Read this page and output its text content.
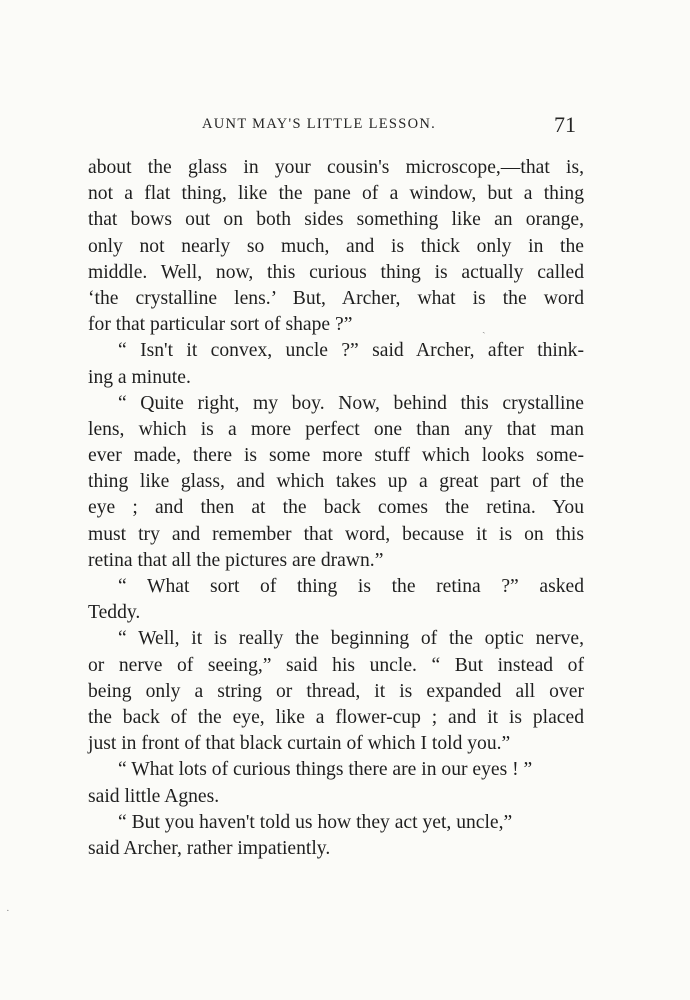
AUNT MAY'S LITTLE LESSON.	71
about the glass in your cousin's microscope,—that is,
not a flat thing, like the pane of a window, but a thing
that bows out on both sides something like an orange,
only not nearly so much, and is thick only in the
middle. Well, now, this curious thing is actually called
‘the crystalline lens.’ But, Archer, what is the word
for that particular sort of shape ?”
“ Isn't it convex, uncle ?” said Archer, after think-
ing a minute.
“ Quite right, my boy. Now, behind this crystalline
lens, which is a more perfect one than any that man
ever made, there is some more stuff which looks some-
thing like glass, and which takes up a great part of the
eye ; and then at the back comes the retina. You
must try and remember that word, because it is on this
retina that all the pictures are drawn.”
“ What sort of thing is the retina ?” asked
Teddy.
“ Well, it is really the beginning of the optic nerve,
or nerve of seeing,” said his uncle. “ But instead of
being only a string or thread, it is expanded all over
the back of the eye, like a flower-cup ; and it is placed
just in front of that black curtain of which I told you.”
“ What lots of curious things there are in our eyes ! ”
said little Agnes.
“ But you haven't told us how they act yet, uncle,”
said Archer, rather impatiently.
ˎ
·
